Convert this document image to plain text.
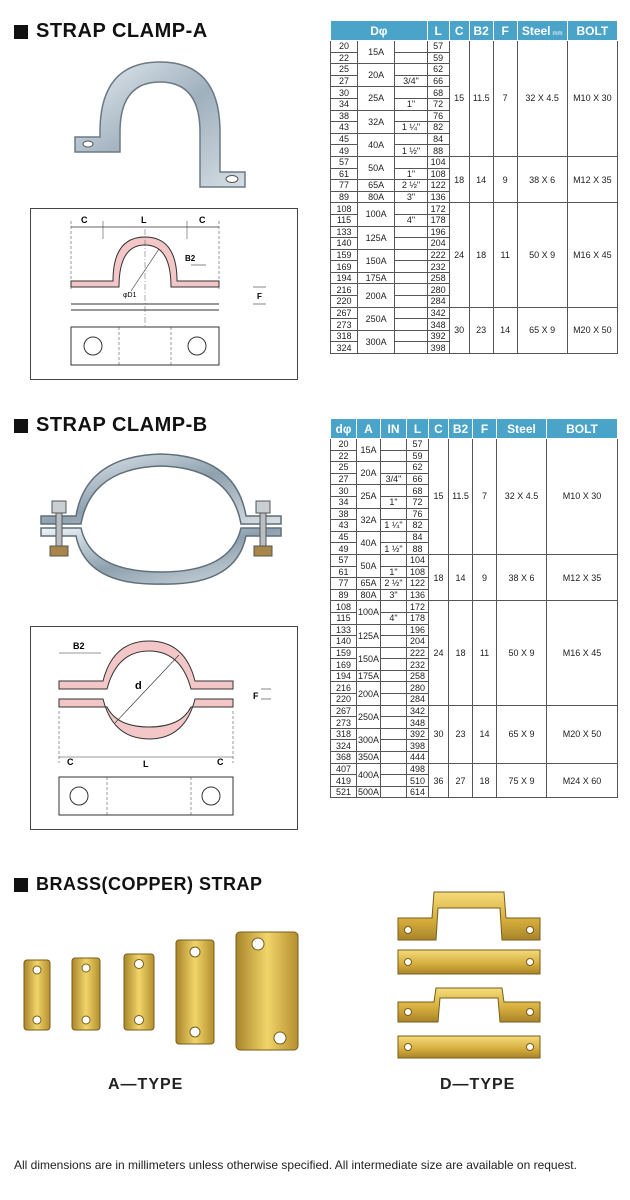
STRAP CLAMP-A
C	L	C
B2
φD1	F
Dφ			L	C	B2	F	Steel mm	BOLT
20	15A		57	15	11.5	7	32 X 4.5	M10 X 30
22			59					
25	20A		62					
27		3/4"	66					
30	25A		68					
34		1"	72					
38	32A		76					
43		1 ¼"	82					
45	40A		84					
49		1 ½"	88					
57	50A		104	18	14	9	38 X 6	M12 X 35
61		1"	108					
77	65A	2 ½"	122					
89	80A	3"	136					
108	100A		172	24	18	11	50 X 9	M16 X 45
115		4"	178					
133	125A		196					
140			204					
159	150A		222					
169			232					
194	175A		258					
216	200A		280					
220			284					
267	250A		342	30	23	14	65 X 9	M20 X 50
273			348					
318	300A		392					
324			398					
STRAP CLAMP-B
B2
d
F
C	L	C
dφ	A	IN	L	C	B2	F	Steel	BOLT
20	15A		57	15	11.5	7	32 X 4.5	M10 X 30
22			59					
25	20A		62					
27		3/4"	66					
30	25A		68					
34		1"	72					
38	32A		76					
43		1 ¼"	82					
45	40A		84					
49		1 ½"	88					
57	50A		104	18	14	9	38 X 6	M12 X 35
61		1"	108					
77	65A	2 ½"	122					
89	80A	3"	136					
108	100A		172	24	18	11	50 X 9	M16 X 45
115		4"	178					
133	125A		196					
140			204					
159	150A		222					
169			232					
194	175A		258					
216	200A		280					
220			284					
267	250A		342	30	23	14	65 X 9	M20 X 50
273			348					
318	300A		392					
324			398					
368	350A		444					
407	400A		498	36	27	18	75 X 9	M24 X 60
419			510					
521	500A		614					
BRASS(COPPER) STRAP
A—TYPE	D—TYPE
All dimensions are in millimeters unless otherwise specified. All intermediate size are available on request.
